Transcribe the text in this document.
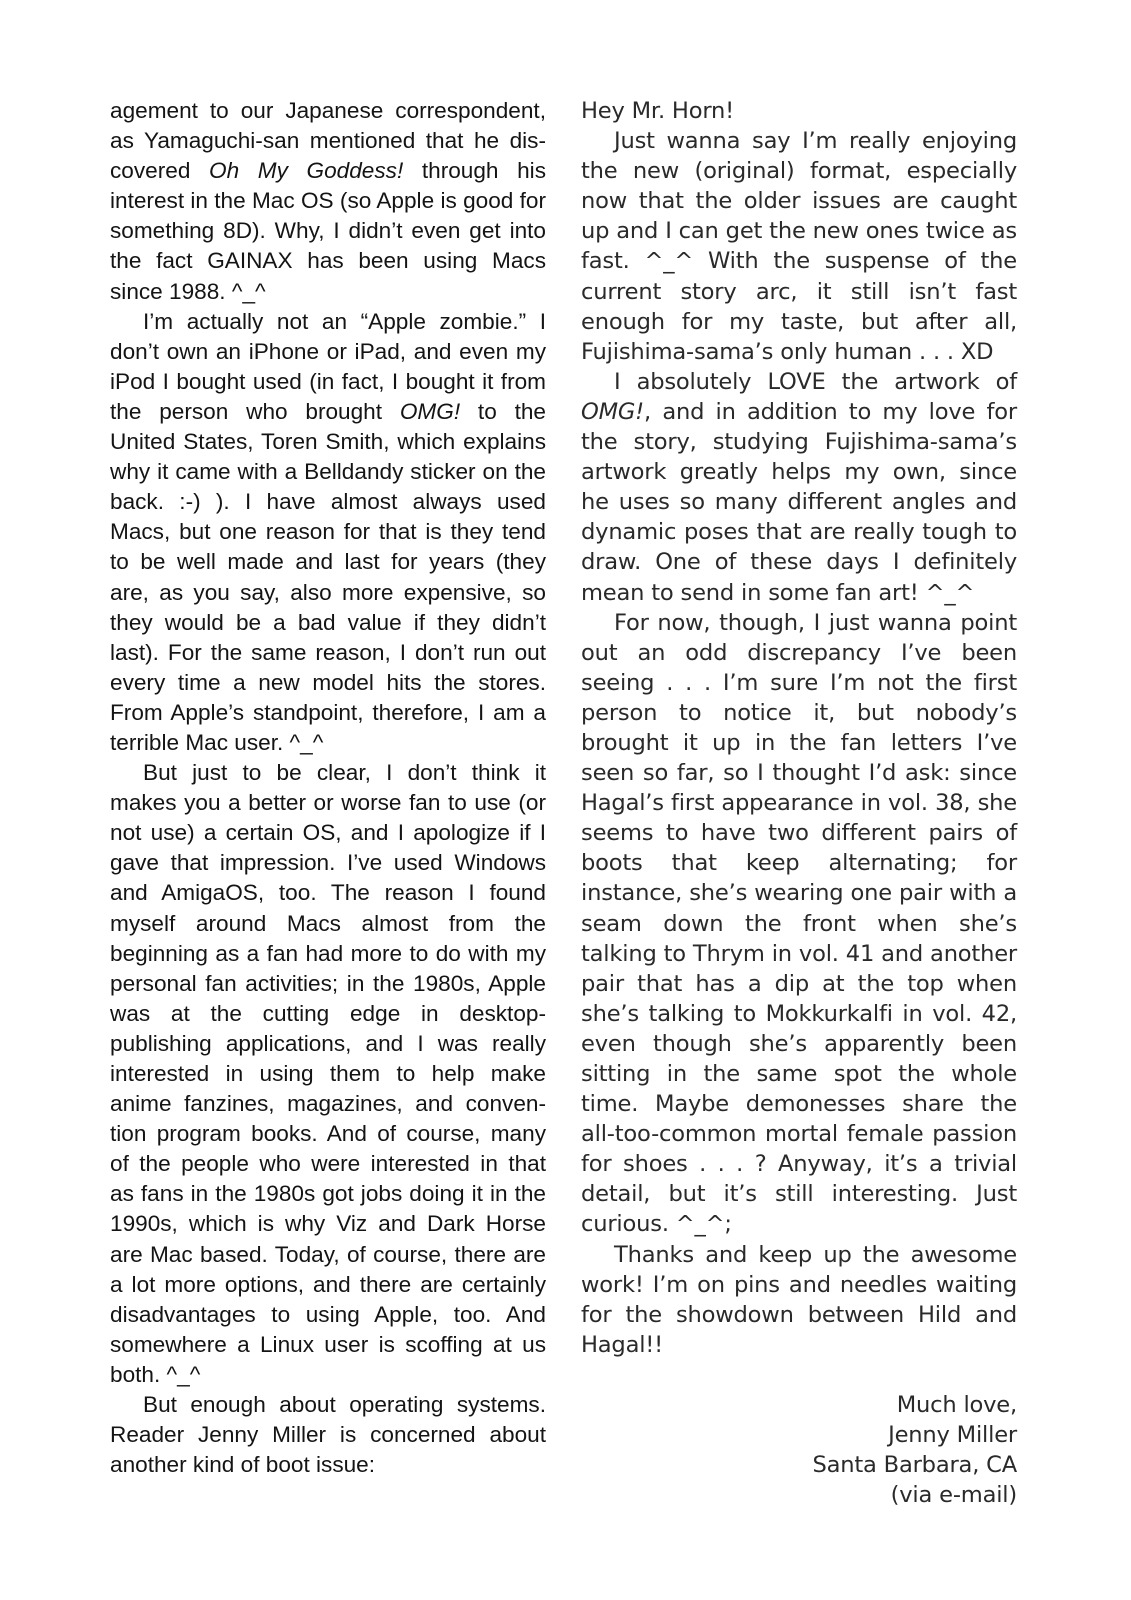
agement to our Japanese correspondent, as Yamaguchi-san mentioned that he discovered Oh My Goddess! through his interest in the Mac OS (so Apple is good for something 8D). Why, I didn’t even get into the fact GAINAX has been using Macs since 1988. ^_^

I’m actually not an “Apple zombie.” I don’t own an iPhone or iPad, and even my iPod I bought used (in fact, I bought it from the person who brought OMG! to the United States, Toren Smith, which explains why it came with a Belldandy sticker on the back. :-) ). I have almost always used Macs, but one reason for that is they tend to be well made and last for years (they are, as you say, also more expensive, so they would be a bad value if they didn’t last). For the same reason, I don’t run out every time a new model hits the stores. From Apple’s standpoint, therefore, I am a terrible Mac user. ^_^

But just to be clear, I don’t think it makes you a better or worse fan to use (or not use) a certain OS, and I apologize if I gave that impression. I’ve used Windows and AmigaOS, too. The reason I found myself around Macs almost from the beginning as a fan had more to do with my personal fan activities; in the 1980s, Apple was at the cutting edge in desktop-publishing applications, and I was really interested in using them to help make anime fanzines, magazines, and convention program books. And of course, many of the people who were interested in that as fans in the 1980s got jobs doing it in the 1990s, which is why Viz and Dark Horse are Mac based. Today, of course, there are a lot more options, and there are certainly disadvantages to using Apple, too. And somewhere a Linux user is scoffing at us both. ^_^

But enough about operating systems. Reader Jenny Miller is concerned about another kind of boot issue:

Hey Mr. Horn!

Just wanna say I’m really enjoying the new (original) format, especially now that the older issues are caught up and I can get the new ones twice as fast. ^_^ With the suspense of the current story arc, it still isn’t fast enough for my taste, but after all, Fujishima-sama’s only human . . . XD

I absolutely LOVE the artwork of OMG!, and in addition to my love for the story, studying Fujishima-sama’s artwork greatly helps my own, since he uses so many different angles and dynamic poses that are really tough to draw. One of these days I definitely mean to send in some fan art! ^_^

For now, though, I just wanna point out an odd discrepancy I’ve been seeing . . . I’m sure I’m not the first person to notice it, but nobody’s brought it up in the fan letters I’ve seen so far, so I thought I’d ask: since Hagal’s first appearance in vol. 38, she seems to have two different pairs of boots that keep alternating; for instance, she’s wearing one pair with a seam down the front when she’s talking to Thrym in vol. 41 and another pair that has a dip at the top when she’s talking to Mokkurkalfi in vol. 42, even though she’s apparently been sitting in the same spot the whole time. Maybe demonesses share the all-too-common mortal female passion for shoes . . . ? Anyway, it’s a trivial detail, but it’s still interesting. Just curious. ^_^;

Thanks and keep up the awesome work! I’m on pins and needles waiting for the showdown between Hild and Hagal!!

Much love,
Jenny Miller
Santa Barbara, CA
(via e-mail)
